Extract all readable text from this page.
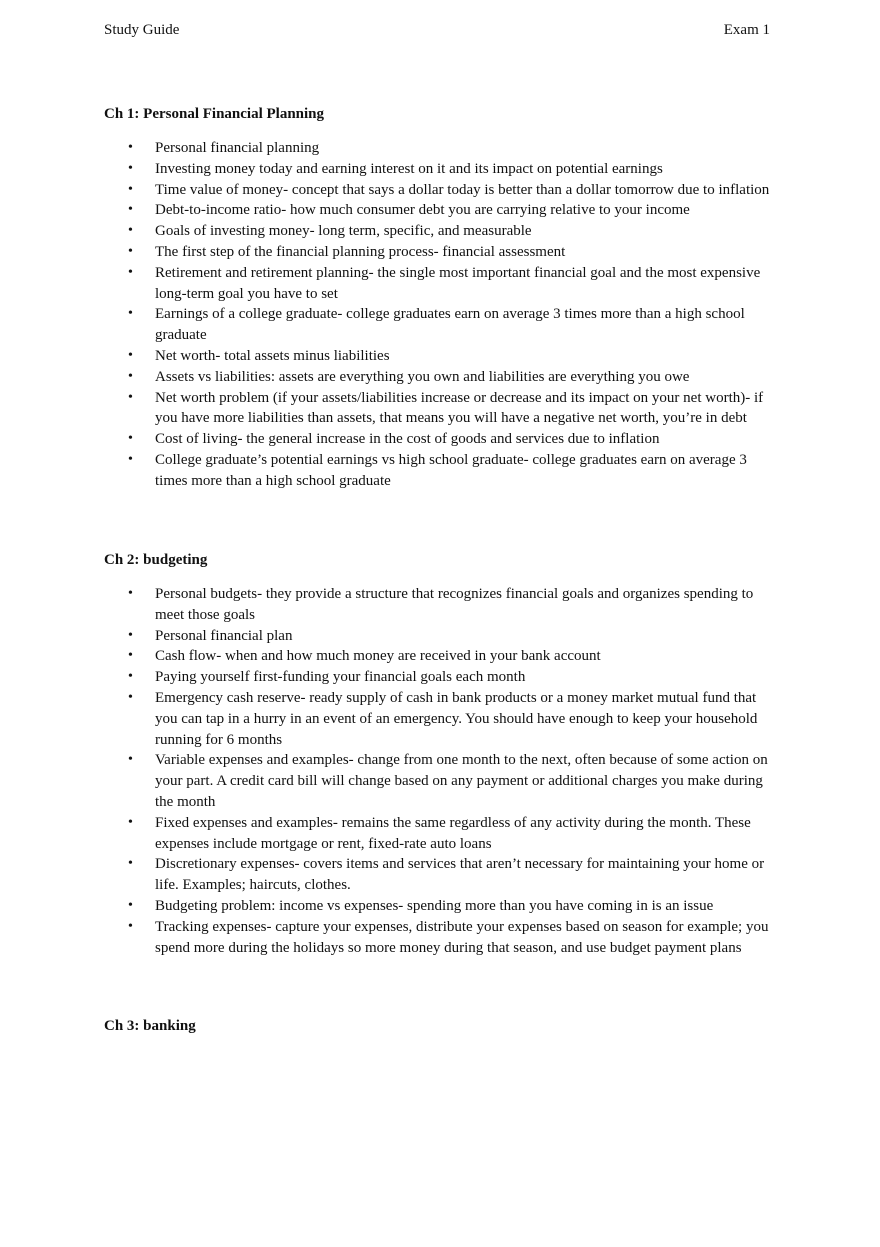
Study Guide	Exam 1
Ch 1: Personal Financial Planning
• Personal financial planning
• Investing money today and earning interest on it and its impact on potential earnings
• Time value of money- concept that says a dollar today is better than a dollar tomorrow due to inflation
• Debt-to-income ratio- how much consumer debt you are carrying relative to your income
• Goals of investing money- long term, specific, and measurable
• The first step of the financial planning process- financial assessment
• Retirement and retirement planning- the single most important financial goal and the most expensive long-term goal you have to set
• Earnings of a college graduate- college graduates earn on average 3 times more than a high school graduate
• Net worth- total assets minus liabilities
• Assets vs liabilities: assets are everything you own and liabilities are everything you owe
• Net worth problem (if your assets/liabilities increase or decrease and its impact on your net worth)- if you have more liabilities than assets, that means you will have a negative net worth, you’re in debt
• Cost of living- the general increase in the cost of goods and services due to inflation
• College graduate’s potential earnings vs high school graduate- college graduates earn on average 3 times more than a high school graduate
Ch 2: budgeting
• Personal budgets- they provide a structure that recognizes financial goals and organizes spending to meet those goals
• Personal financial plan
• Cash flow- when and how much money are received in your bank account
• Paying yourself first-funding your financial goals each month
• Emergency cash reserve- ready supply of cash in bank products or a money market mutual fund that you can tap in a hurry in an event of an emergency. You should have enough to keep your household running for 6 months
• Variable expenses and examples- change from one month to the next, often because of some action on your part. A credit card bill will change based on any payment or additional charges you make during the month
• Fixed expenses and examples- remains the same regardless of any activity during the month. These expenses include mortgage or rent, fixed-rate auto loans
• Discretionary expenses- covers items and services that aren’t necessary for maintaining your home or life. Examples; haircuts, clothes.
• Budgeting problem: income vs expenses- spending more than you have coming in is an issue
• Tracking expenses- capture your expenses, distribute your expenses based on season for example; you spend more during the holidays so more money during that season, and use budget payment plans
Ch 3: banking
